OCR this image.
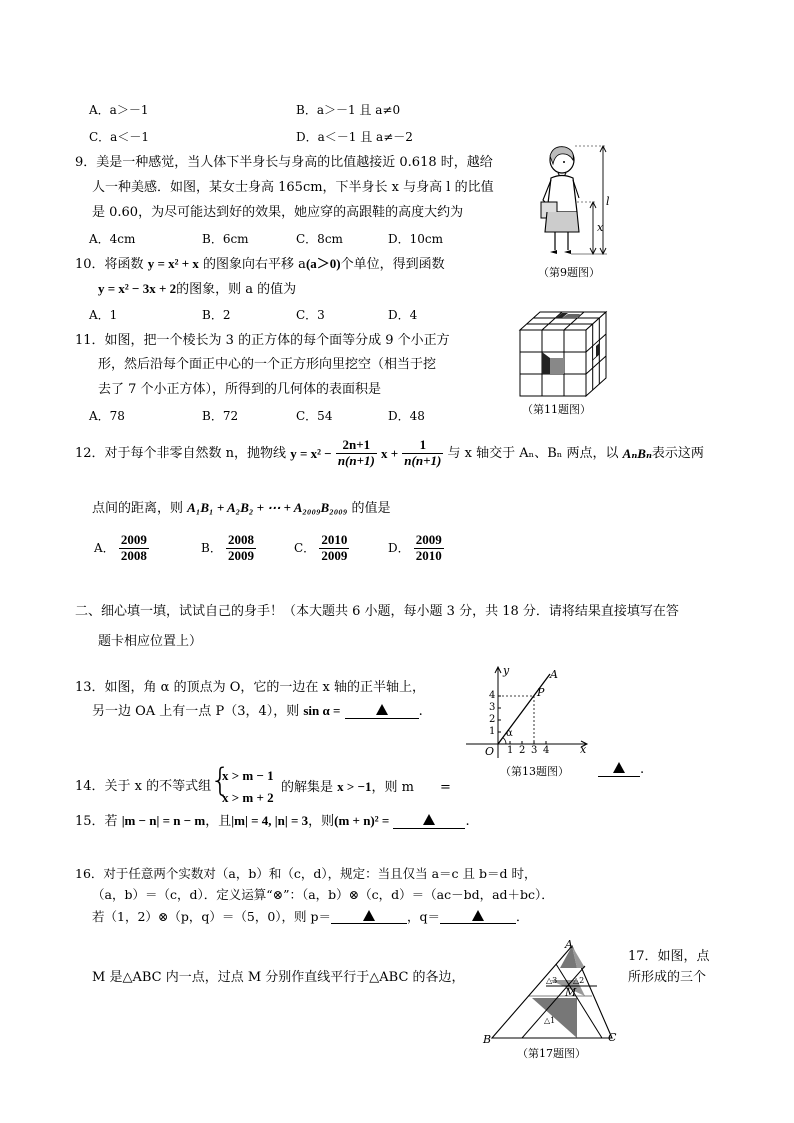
A．a＞－1	B．a＞－1 且 a≠0
C．a＜－1	D．a＜－1 且 a≠－2
9．美是一种感觉，当人体下半身长与身高的比值越接近 0.618 时，越给
人一种美感．如图，某女士身高 165cm，下半身长 x 与身高 l 的比值
是 0.60，为尽可能达到好的效果，她应穿的高跟鞋的高度大约为
A．4cm	B．6cm	C．8cm	D．10cm
l
x
（第9题图）
10．将函数 y = x² + x 的图象向右平移 a(a＞0)个单位，得到函数
y = x² − 3x + 2的图象，则 a 的值为
A．1	B．2	C．3	D．4
11．如图，把一个棱长为 3 的正方体的每个面等分成 9 个小正方
形，然后沿每个面正中心的一个正方形向里挖空（相当于挖
去了 7 个小正方体），所得到的几何体的表面积是
A．78	B．72	C．54	D．48	（第11题图）
12．对于每个非零自然数 n，抛物线 $y = x^2 - \frac{2n+1}{n(n+1)}$ $x + \frac{1}{n(n+1)}$ 与 x 轴交于 Aₙ、Bₙ 两点，以 AₙBₙ表示这两
点间的距离，则 A₁B₁ + A₂B₂ + ⋯ + A₂₀₀₉B₂₀₀₉ 的值是
A． $\frac{2009}{2008}$	B． $\frac{2008}{2009}$	C． $\frac{2010}{2009}$	D． $\frac{2009}{2010}$
二、细心填一填，试试自己的身手！（本大题共 6 小题，每小题 3 分，共 18 分．请将结果直接填写在答
题卡相应位置上）
13．如图，角 α 的顶点为 O，它的一边在 x 轴的正半轴上，
另一边 OA 上有一点 P（3，4），则 sin α =	.
y
x
O
A
P
α
1 2 3 4
1
2
3
4
（第13题图）	.
14．关于 x 的不等式组
{
x > m − 1
x > m + 2
的解集是 x > −1，则 m　　=
15．若 |m − n| = n − m，且|m| = 4, |n| = 3，则(m + n)² =	.
16．对于任意两个实数对（a，b）和（c，d），规定：当且仅当 a＝c 且 b＝d 时，
（a，b）＝（c，d）．定义运算“⊗”：（a，b）⊗（c，d）＝（ac－bd，ad＋bc）．
若（1，2）⊗（p，q）＝（5，0），则 p＝	，q＝	．
17．如图，点
所形成的三个
M 是△ABC 内一点，过点 M 分别作直线平行于△ABC 的各边，
A
B	C
M
△1
△2
△3
（第17题图）
